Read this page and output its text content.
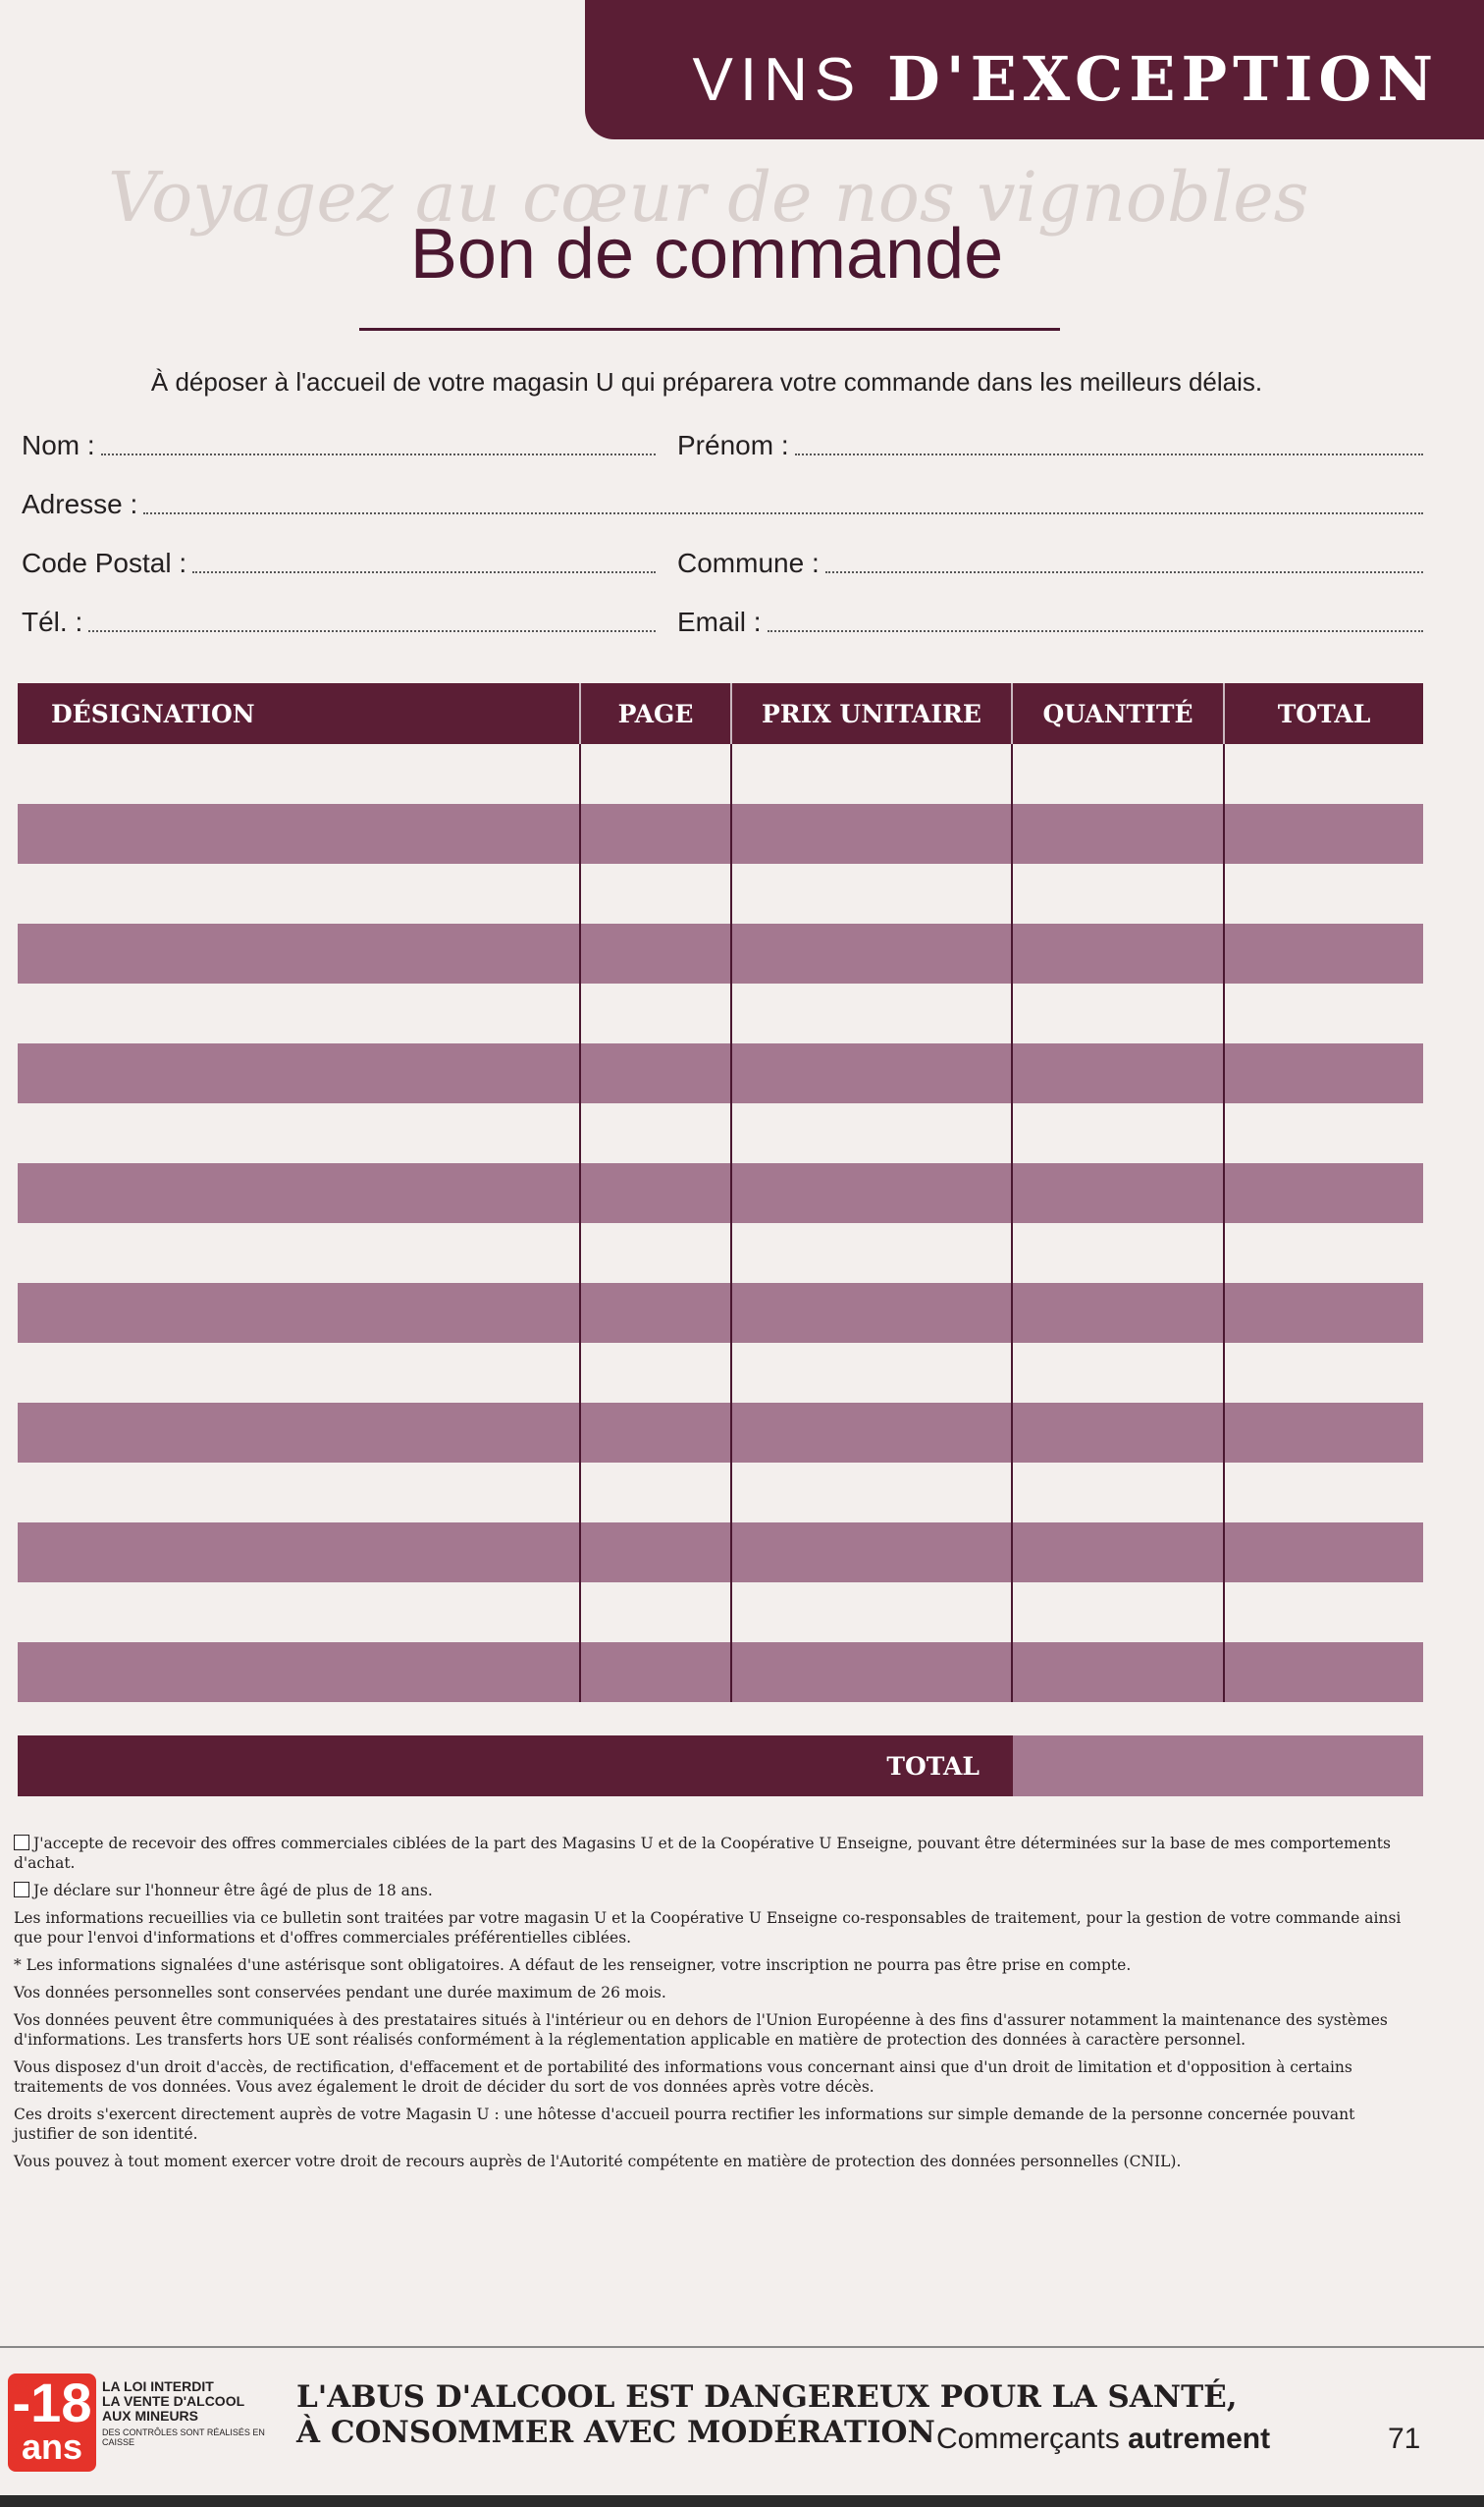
Voyagez au cœur de nos vignobles
VINS D'EXCEPTION
Bon de commande
À déposer à l'accueil de votre magasin U qui préparera votre commande dans les meilleurs délais.
Nom :	Prénom :
Adresse :
Code Postal :	Commune :
Tél. :	Email :
DÉSIGNATION	PAGE	PRIX UNITAIRE	QUANTITÉ	TOTAL
TOTAL

J'accepte de recevoir des offres commerciales ciblées de la part des Magasins U et de la Coopérative U Enseigne, pouvant être déterminées sur la base de mes comportements d'achat.

Je déclare sur l'honneur être âgé de plus de 18 ans.

Les informations recueillies via ce bulletin sont traitées par votre magasin U et la Coopérative U Enseigne co-responsables de traitement, pour la gestion de votre commande ainsi que pour l'envoi d'informations et d'offres commerciales préférentielles ciblées.

* Les informations signalées d'une astérisque sont obligatoires. A défaut de les renseigner, votre inscription ne pourra pas être prise en compte.

Vos données personnelles sont conservées pendant une durée maximum de 26 mois.

Vos données peuvent être communiquées à des prestataires situés à l'intérieur ou en dehors de l'Union Européenne à des fins d'assurer notamment la maintenance des systèmes d'informations. Les transferts hors UE sont réalisés conformément à la réglementation applicable en matière de protection des données à caractère personnel.

Vous disposez d'un droit d'accès, de rectification, d'effacement et de portabilité des informations vous concernant ainsi que d'un droit de limitation et d'opposition à certains traitements de vos données. Vous avez également le droit de décider du sort de vos données après votre décès.

Ces droits s'exercent directement auprès de votre Magasin U : une hôtesse d'accueil pourra rectifier les informations sur simple demande de la personne concernée pouvant justifier de son identité.

Vous pouvez à tout moment exercer votre droit de recours auprès de l'Autorité compétente en matière de protection des données personnelles (CNIL).

-18
ans
LA LOI INTERDIT
LA VENTE D'ALCOOL
AUX MINEURS
DES CONTRÔLES SONT RÉALISÉS EN CAISSE
L'ABUS D'ALCOOL EST DANGEREUX POUR LA SANTÉ,
À CONSOMMER AVEC MODÉRATION Commerçants autrement	71
